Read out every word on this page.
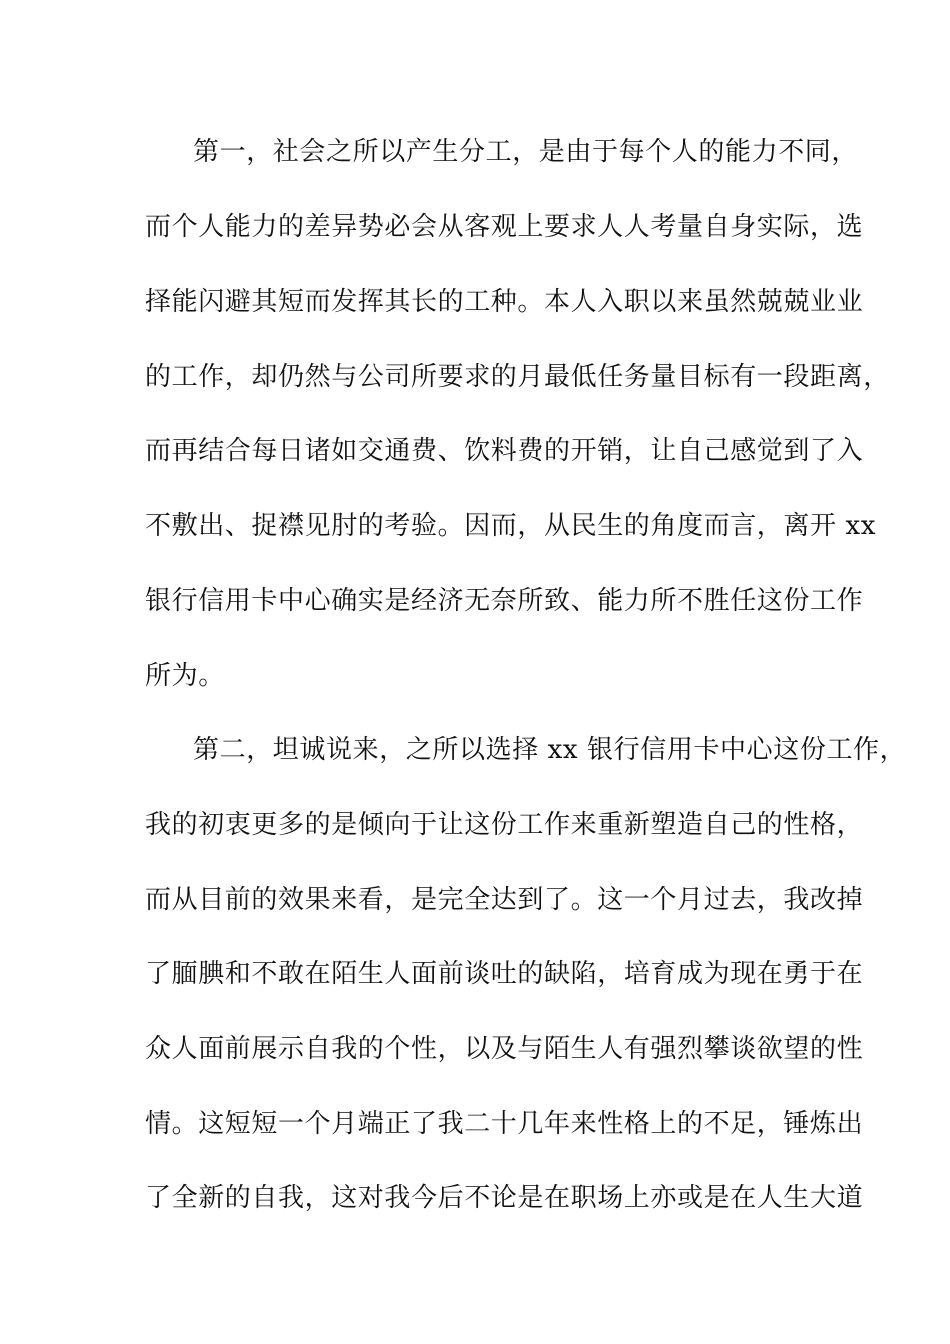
第一，社会之所以产生分工，是由于每个人的能力不同，
而个人能力的差异势必会从客观上要求人人考量自身实际，选
择能闪避其短而发挥其长的工种。本人入职以来虽然兢兢业业
的工作，却仍然与公司所要求的月最低任务量目标有一段距离，
而再结合每日诸如交通费、饮料费的开销，让自己感觉到了入
不敷出、捉襟见肘的考验。因而，从民生的角度而言，离开 xx
银行信用卡中心确实是经济无奈所致、能力所不胜任这份工作
所为。
第二，坦诚说来，之所以选择 xx 银行信用卡中心这份工作，
我的初衷更多的是倾向于让这份工作来重新塑造自己的性格，
而从目前的效果来看，是完全达到了。这一个月过去，我改掉
了腼腆和不敢在陌生人面前谈吐的缺陷，培育成为现在勇于在
众人面前展示自我的个性，以及与陌生人有强烈攀谈欲望的性
情。这短短一个月端正了我二十几年来性格上的不足，锤炼出
了全新的自我，这对我今后不论是在职场上亦或是在人生大道
